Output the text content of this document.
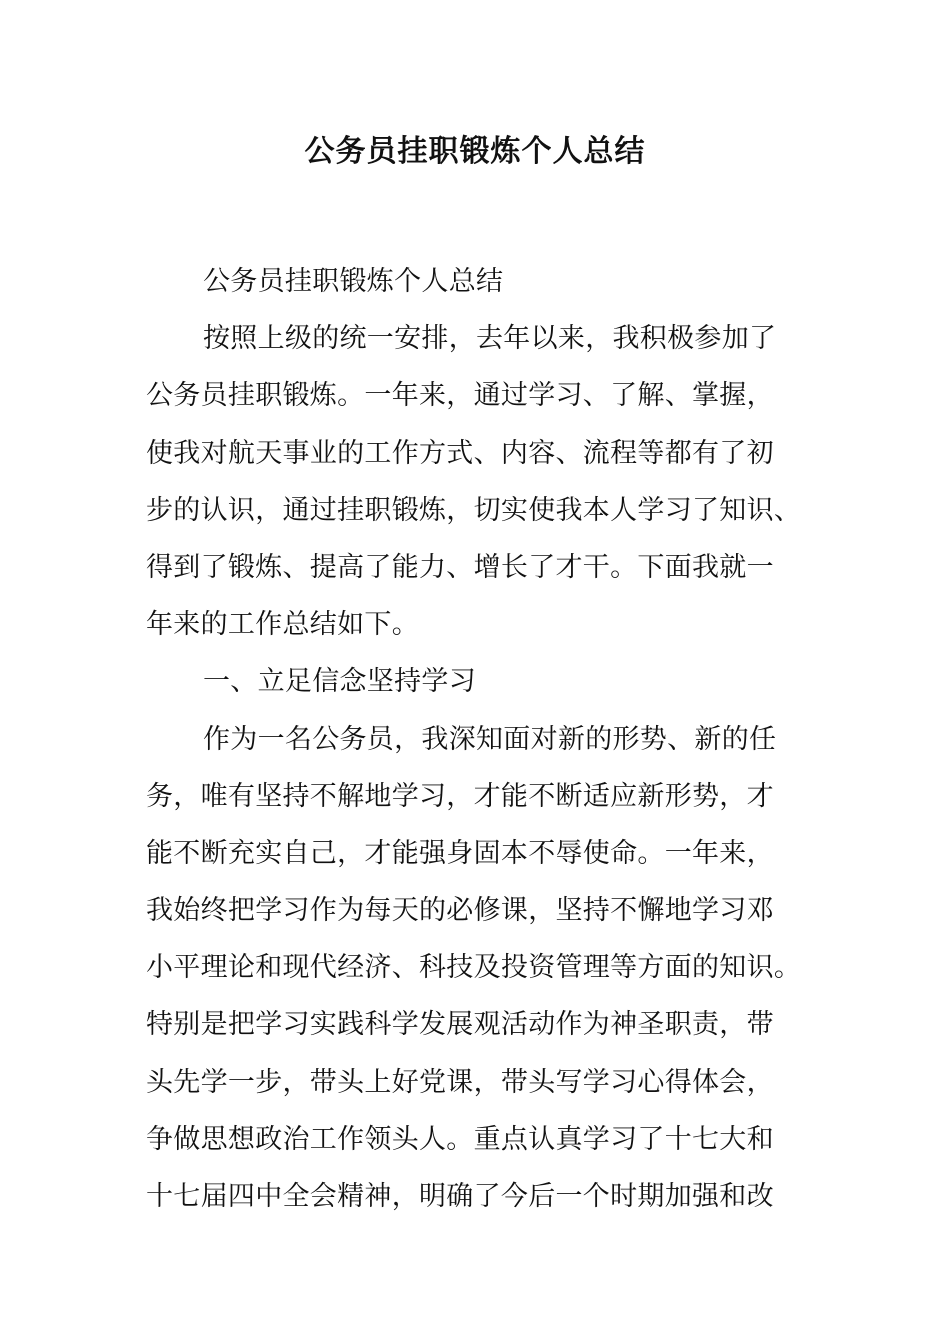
公务员挂职锻炼个人总结
公务员挂职锻炼个人总结
按照上级的统一安排，去年以来，我积极参加了
公务员挂职锻炼。一年来，通过学习、了解、掌握，
使我对航天事业的工作方式、内容、流程等都有了初
步的认识，通过挂职锻炼，切实使我本人学习了知识、
得到了锻炼、提高了能力、增长了才干。下面我就一
年来的工作总结如下。
一、立足信念坚持学习
作为一名公务员，我深知面对新的形势、新的任
务，唯有坚持不解地学习，才能不断适应新形势，才
能不断充实自己，才能强身固本不辱使命。一年来，
我始终把学习作为每天的必修课，坚持不懈地学习邓
小平理论和现代经济、科技及投资管理等方面的知识。
特别是把学习实践科学发展观活动作为神圣职责，带
头先学一步，带头上好党课，带头写学习心得体会，
争做思想政治工作领头人。重点认真学习了十七大和
十七届四中全会精神，明确了今后一个时期加强和改
